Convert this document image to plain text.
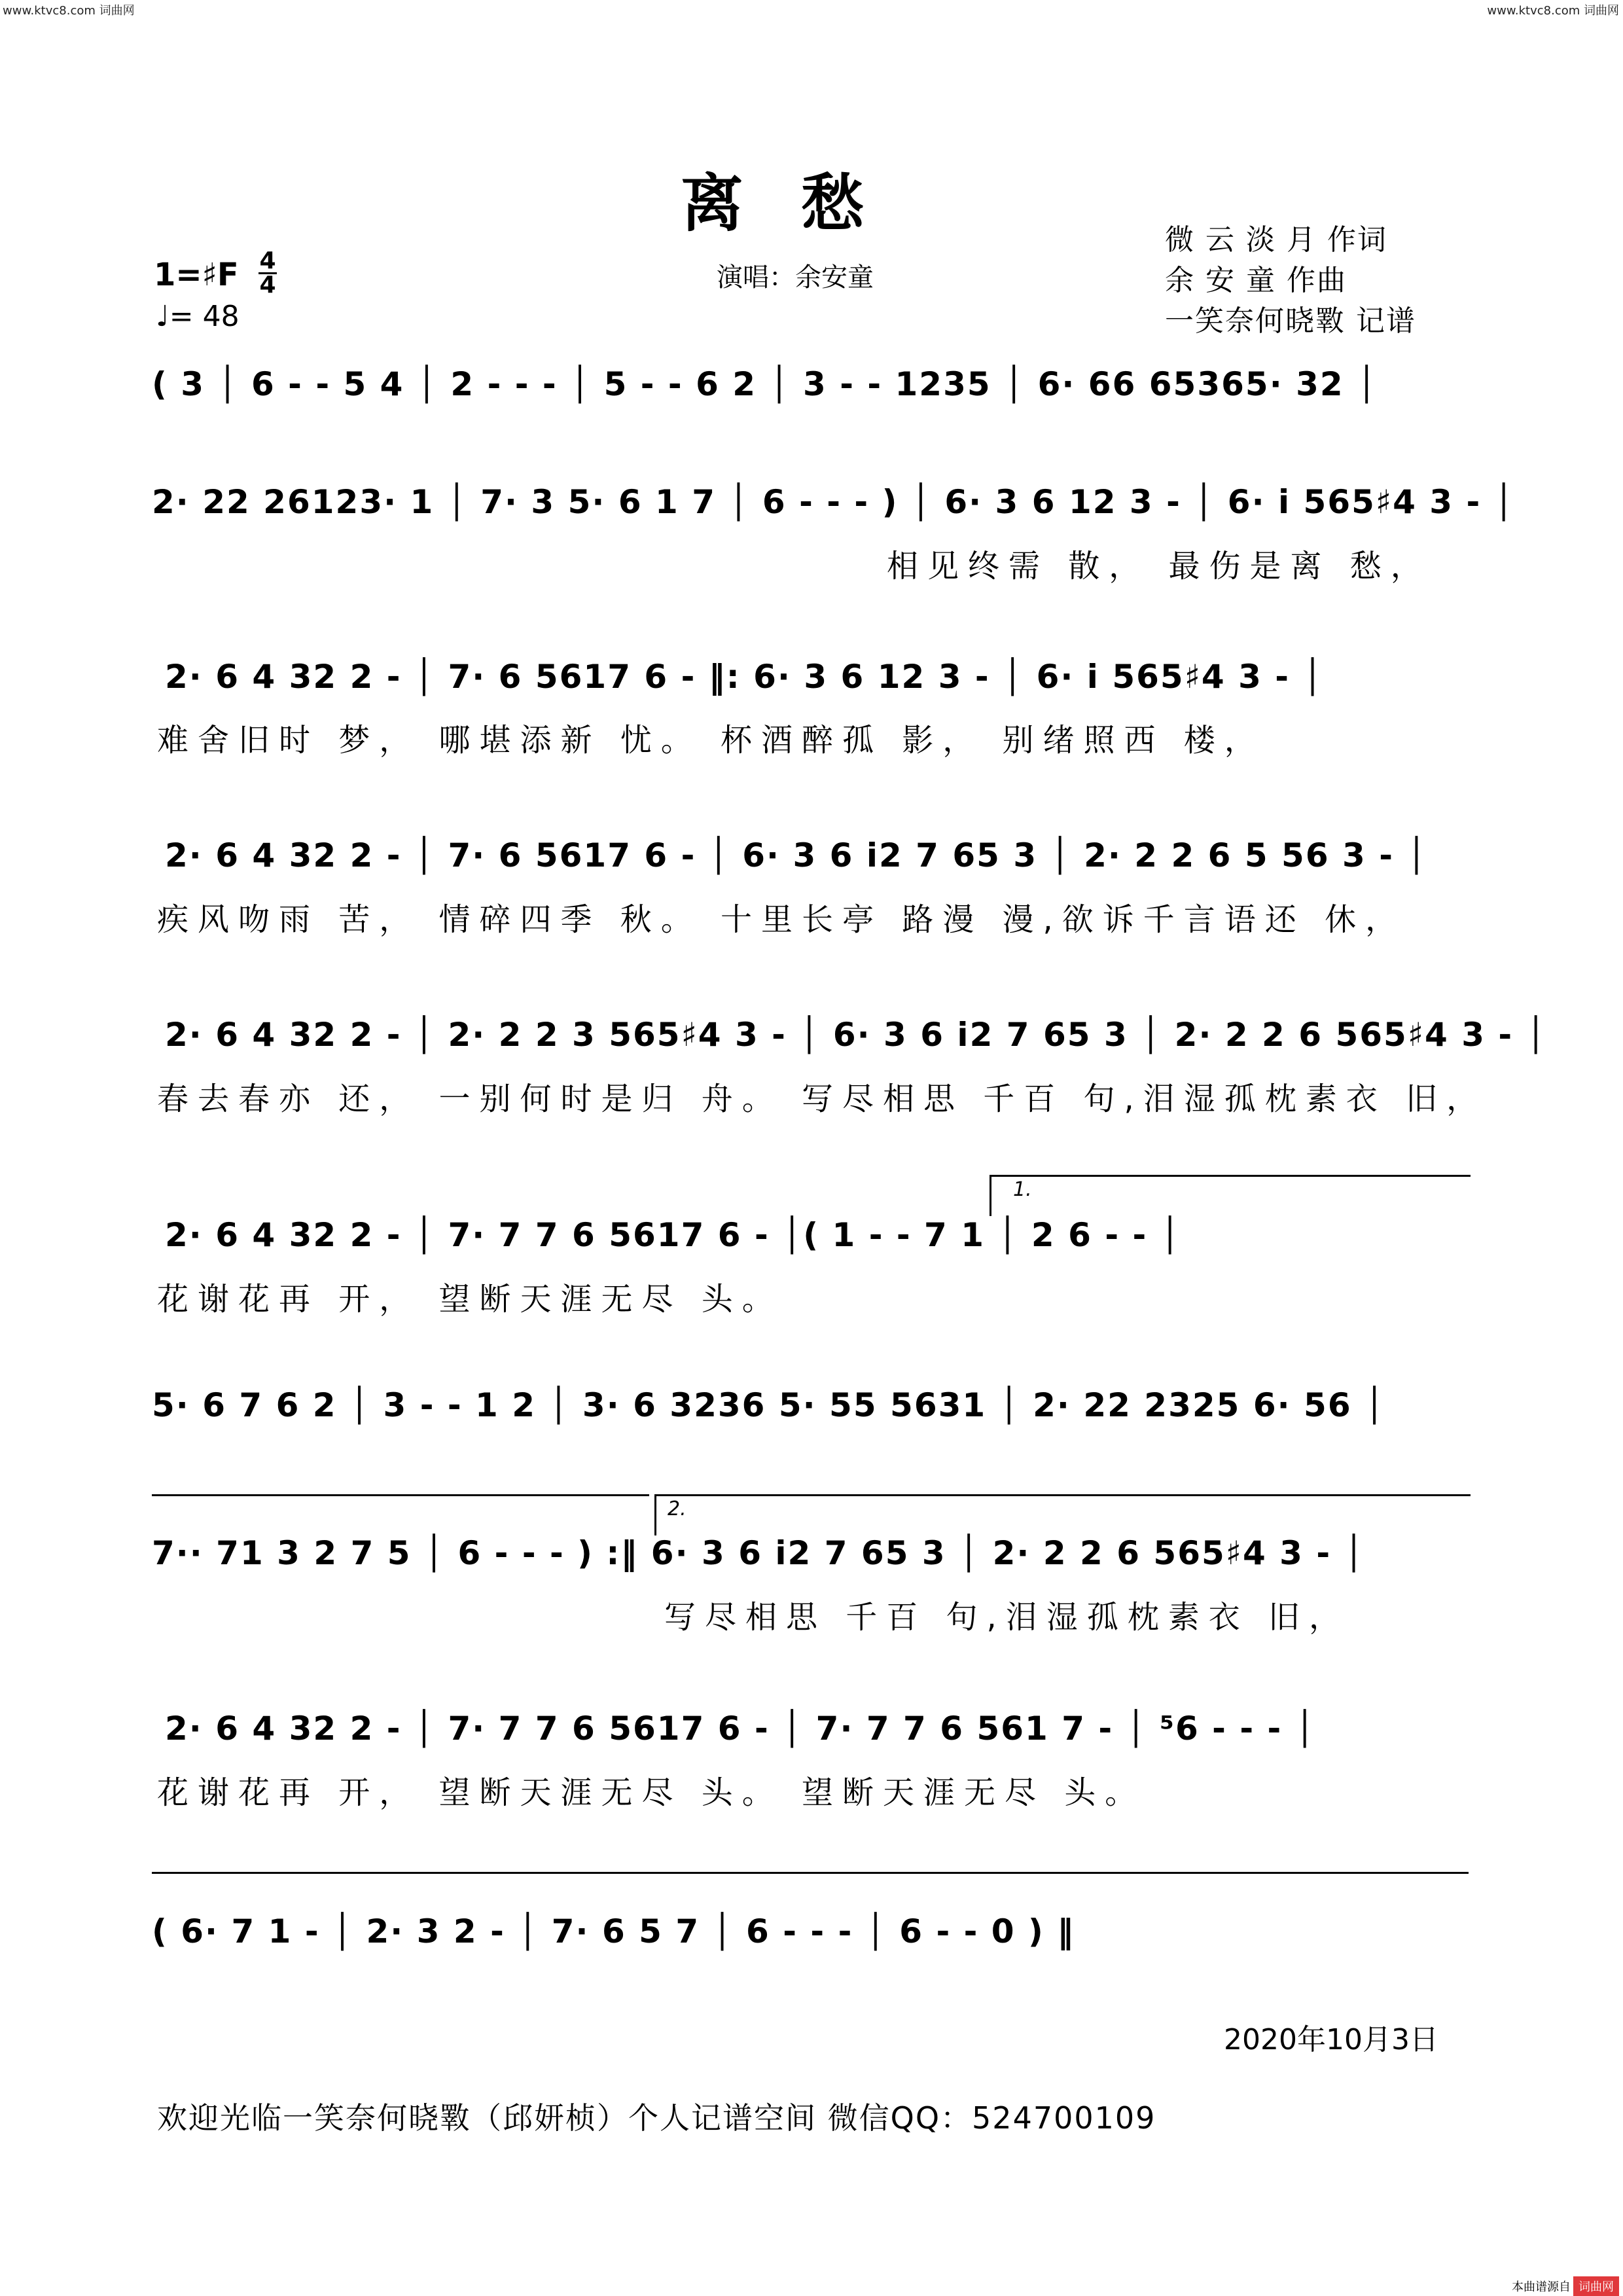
www.ktvc8.com 词曲网	www.ktvc8.com 词曲网
离愁	微 云 淡 月 作词
余 安 童 作曲
一笑奈何晓斁 记谱
1=♯F 4
4
♩= 48
演唱：余安童
( 3 │ 6 - - 5 4 │ 2 - - - │ 5 - - 6 2 │ 3 - - 1235 │ 6· 66 65365· 32 │
2· 22 26123· 1 │ 7· 3 5· 6 1 7 │ 6 - - - ) │ 6· 3 6 12 3 - │ 6· i 565♯4 3 - │
相见终需 散， 最伤是离 愁，
2· 6 4 32 2 - │ 7· 6 5617 6 - ‖: 6· 3 6 12 3 - │ 6· i 565♯4 3 - │
难舍旧时 梦， 哪堪添新 忧。 杯酒醉孤 影， 别绪照西 楼，
2· 6 4 32 2 - │ 7· 6 5617 6 - │ 6· 3 6 i2 7 65 3 │ 2· 2 2 6 5 56 3 - │
疾风吻雨 苦， 情碎四季 秋。 十里长亭 路漫 漫,欲诉千言语还 休，
2· 6 4 32 2 - │ 2· 2 2 3 565♯4 3 - │ 6· 3 6 i2 7 65 3 │ 2· 2 2 6 565♯4 3 - │
春去春亦 还， 一别何时是归 舟。 写尽相思 千百 句,泪湿孤枕素衣 旧，
1.
2· 6 4 32 2 - │ 7· 7 7 6 5617 6 - │( 1 - - 7 1 │ 2 6 - - │
花谢花再 开， 望断天涯无尽 头。
5· 6 7 6 2 │ 3 - - 1 2 │ 3· 6 3236 5· 55 5631 │ 2· 22 2325 6· 56 │
2.
7·· 71 3 2 7 5 │ 6 - - - ) :‖ 6· 3 6 i2 7 65 3 │ 2· 2 2 6 565♯4 3 - │
写尽相思 千百 句,泪湿孤枕素衣 旧，
2· 6 4 32 2 - │ 7· 7 7 6 5617 6 - │ 7· 7 7 6 561 7 - │ ⁵6 - - - │
花谢花再 开， 望断天涯无尽 头。 望断天涯无尽 头。
( 6· 7 1 - │ 2· 3 2 - │ 7· 6 5 7 │ 6 - - - │ 6 - - 0 ) ‖
2020年10月3日
欢迎光临一笑奈何晓斁（邱妍桢）个人记谱空间 微信QQ：524700109
本曲谱源自 词曲网
